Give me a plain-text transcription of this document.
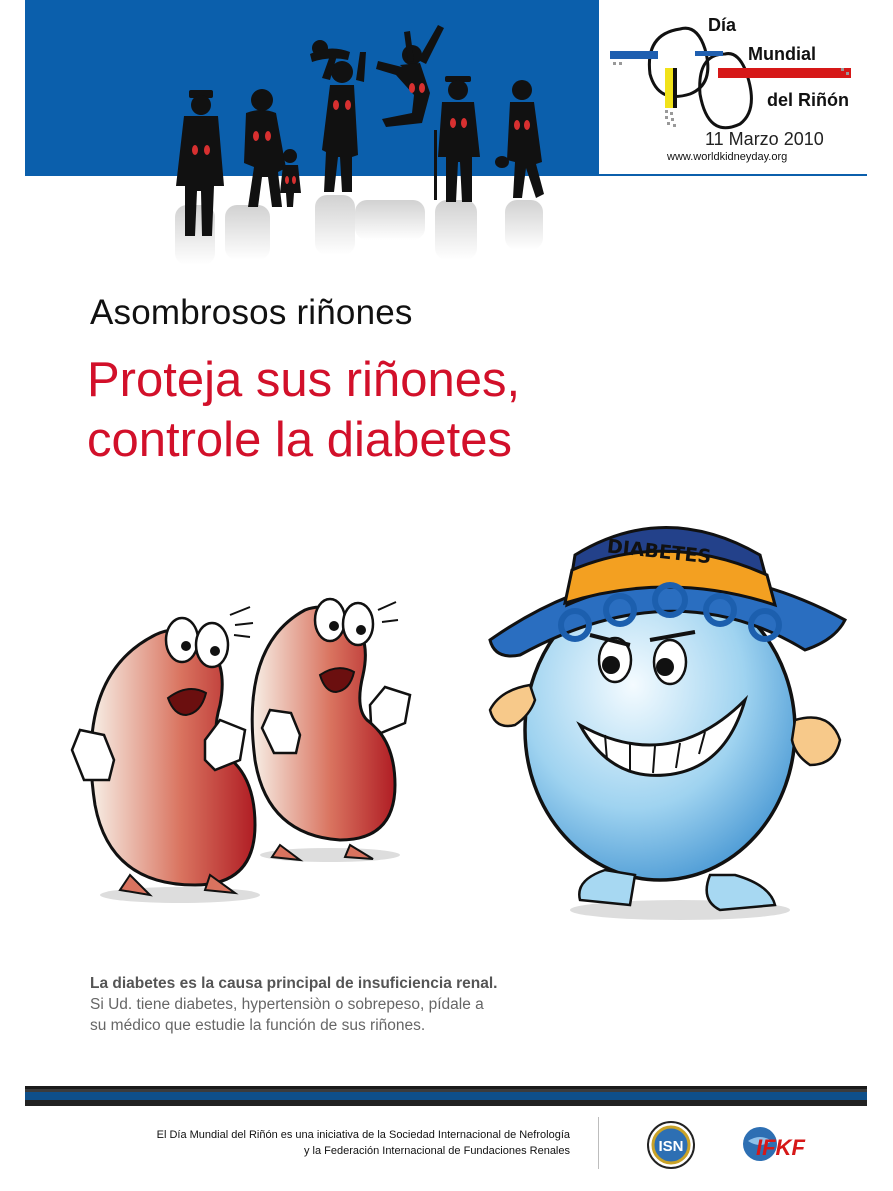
Día
Mundial
del Riñón
11 Marzo 2010
www.worldkidneyday.org
Asombrosos riñones
Proteja sus riñones,
controle la diabetes
DIABETES
La diabetes es la causa principal de insuficiencia renal.
Si Ud. tiene diabetes, hypertensiòn o sobrepeso, pídale a
su médico que estudie la función de sus riñones.
El Día Mundial del Riñón es una iniciativa de la Sociedad Internacional de Nefrología
y la Federación Internacional de Fundaciones Renales	ISN	IFKF
